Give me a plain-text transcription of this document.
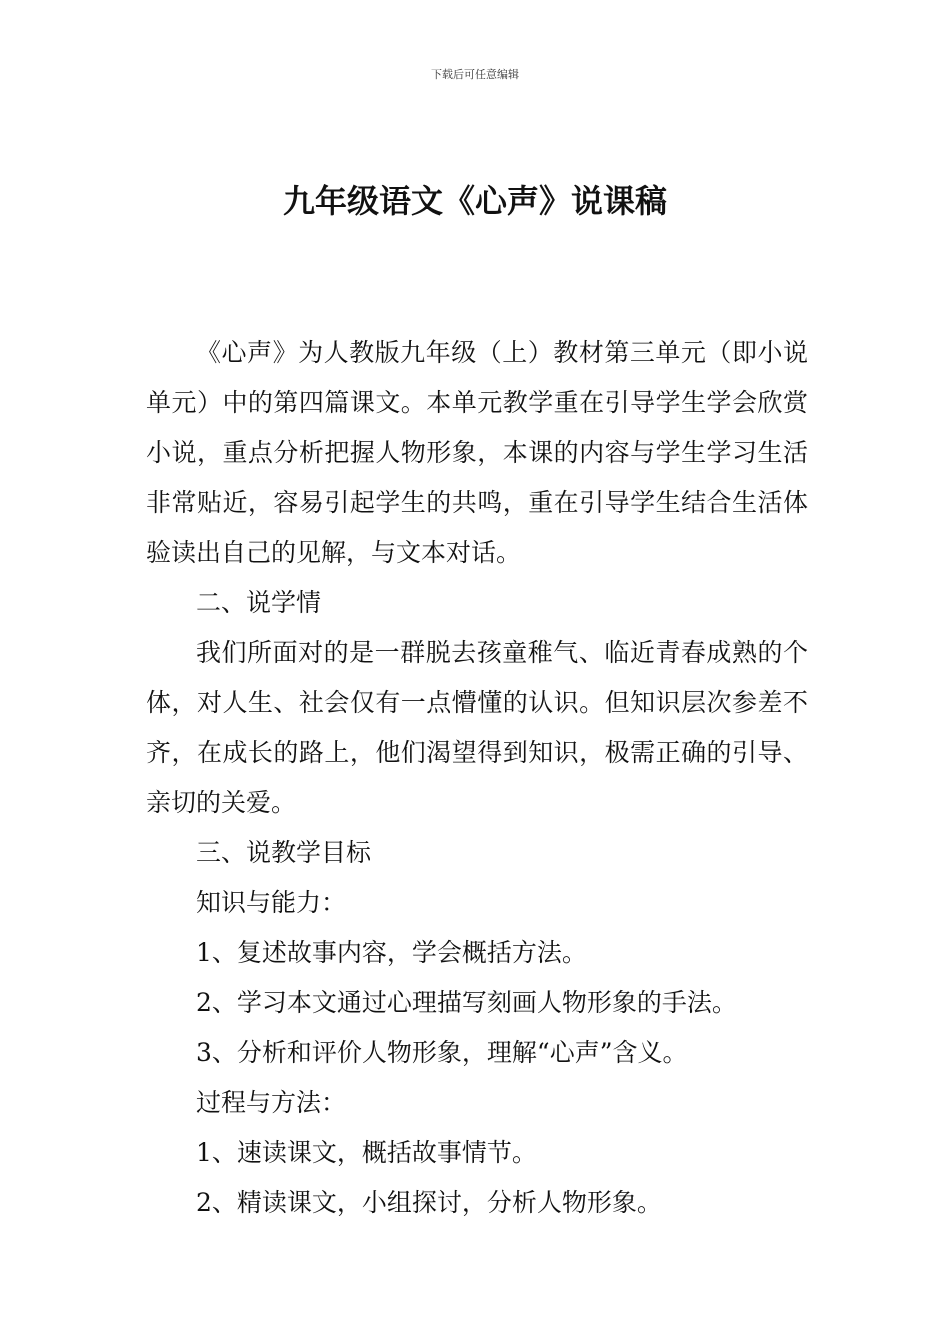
下载后可任意编辑
九年级语文《心声》说课稿

《心声》为人教版九年级（上）教材第三单元（即小说单元）中的第四篇课文。本单元教学重在引导学生学会欣赏小说，重点分析把握人物形象，本课的内容与学生学习生活非常贴近，容易引起学生的共鸣，重在引导学生结合生活体验读出自己的见解，与文本对话。

二、说学情

我们所面对的是一群脱去孩童稚气、临近青春成熟的个体，对人生、社会仅有一点懵懂的认识。但知识层次参差不齐，在成长的路上，他们渴望得到知识，极需正确的引导、亲切的关爱。

三、说教学目标

知识与能力：

1、复述故事内容，学会概括方法。

2、学习本文通过心理描写刻画人物形象的手法。

3、分析和评价人物形象，理解“心声”含义。

过程与方法：

1、速读课文，概括故事情节。

2、精读课文，小组探讨，分析人物形象。
